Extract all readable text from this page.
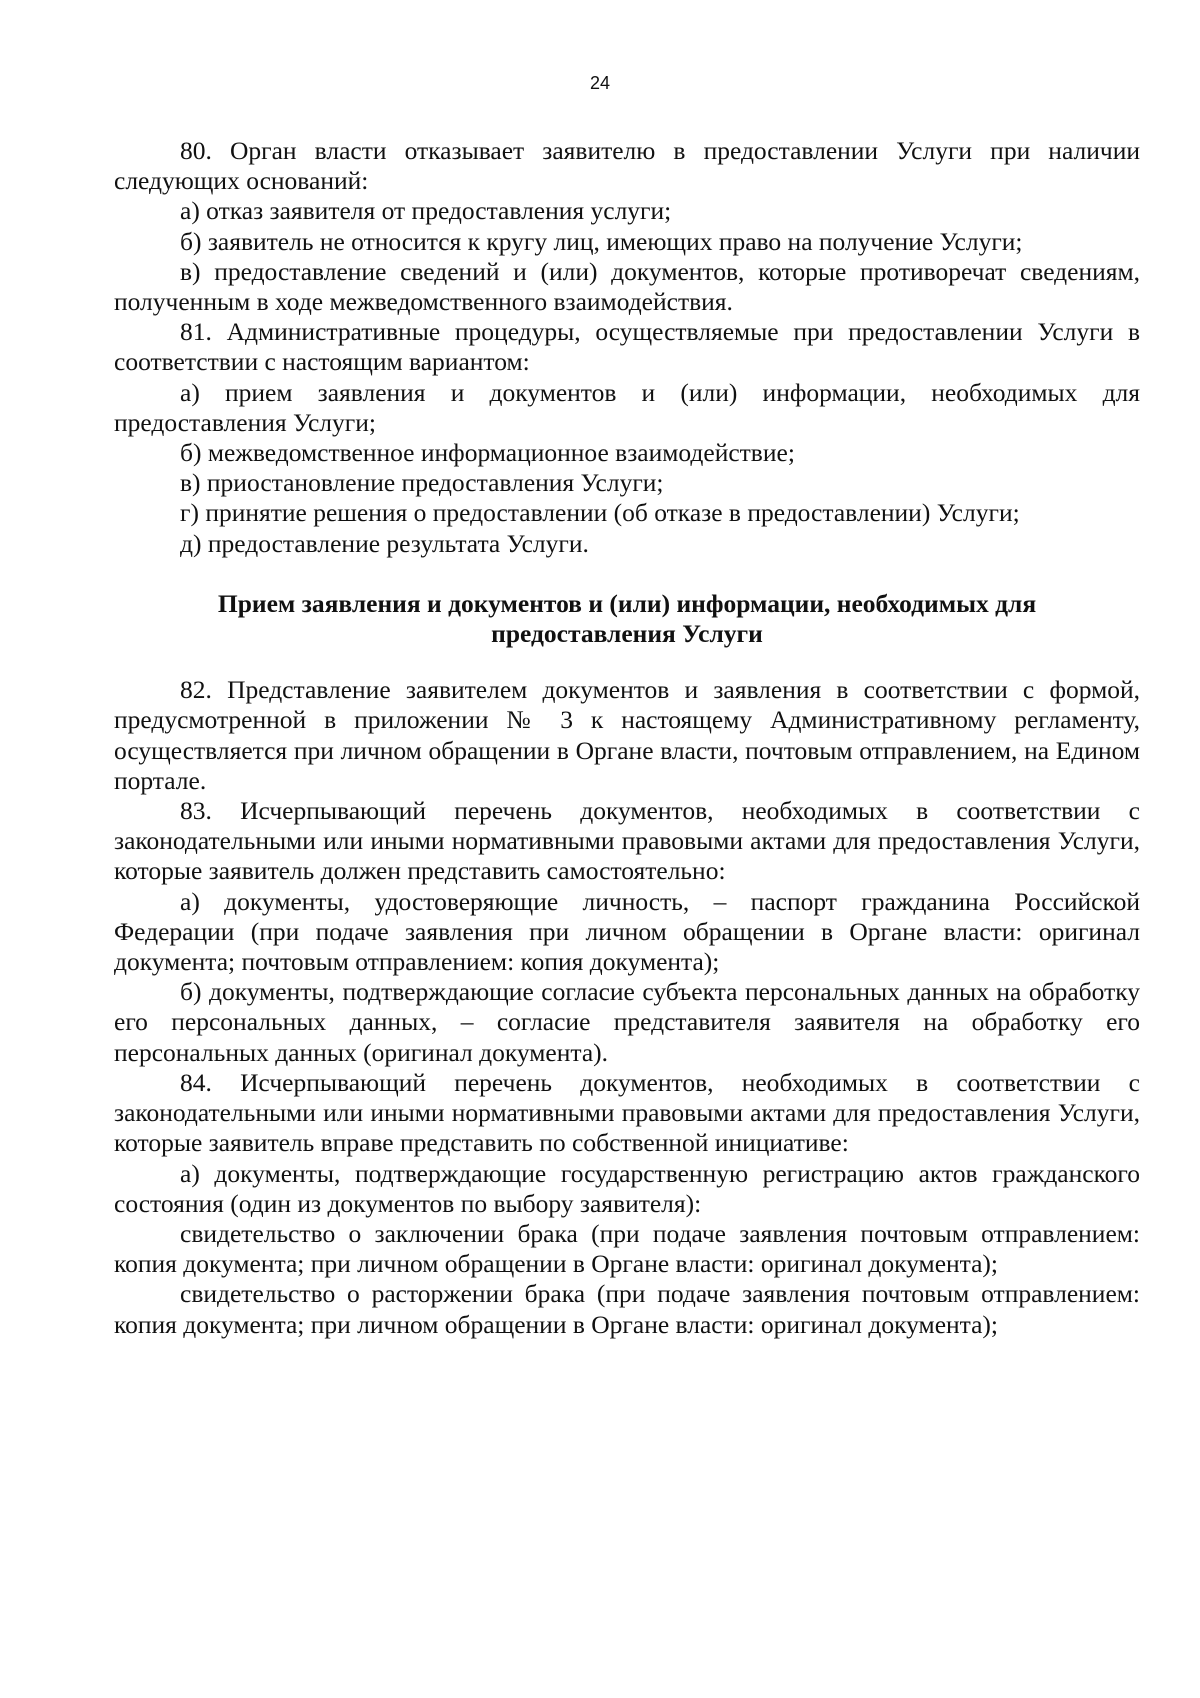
24

80. Орган власти отказывает заявителю в предоставлении Услуги при наличии следующих оснований:

а) отказ заявителя от предоставления услуги;

б) заявитель не относится к кругу лиц, имеющих право на получение Услуги;

в) предоставление сведений и (или) документов, которые противоречат сведениям, полученным в ходе межведомственного взаимодействия.

81. Административные процедуры, осуществляемые при предоставлении Услуги в соответствии с настоящим вариантом:

а) прием заявления и документов и (или) информации, необходимых для предоставления Услуги;

б) межведомственное информационное взаимодействие;

в) приостановление предоставления Услуги;

г) принятие решения о предоставлении (об отказе в предоставлении) Услуги;

д) предоставление результата Услуги.

Прием заявления и документов и (или) информации, необходимых для предоставления Услуги

82. Представление заявителем документов и заявления в соответствии с формой, предусмотренной в приложении № 3 к настоящему Административному регламенту, осуществляется при личном обращении в Органе власти, почтовым отправлением, на Едином портале.

83. Исчерпывающий перечень документов, необходимых в соответствии с законодательными или иными нормативными правовыми актами для предоставления Услуги, которые заявитель должен представить самостоятельно:

а) документы, удостоверяющие личность, – паспорт гражданина Российской Федерации (при подаче заявления при личном обращении в Органе власти: оригинал документа; почтовым отправлением: копия документа);

б) документы, подтверждающие согласие субъекта персональных данных на обработку его персональных данных, – согласие представителя заявителя на обработку его персональных данных (оригинал документа).

84. Исчерпывающий перечень документов, необходимых в соответствии с законодательными или иными нормативными правовыми актами для предоставления Услуги, которые заявитель вправе представить по собственной инициативе:

а) документы, подтверждающие государственную регистрацию актов гражданского состояния (один из документов по выбору заявителя):

свидетельство о заключении брака (при подаче заявления почтовым отправлением: копия документа; при личном обращении в Органе власти: оригинал документа);

свидетельство о расторжении брака (при подаче заявления почтовым отправлением: копия документа; при личном обращении в Органе власти: оригинал документа);
